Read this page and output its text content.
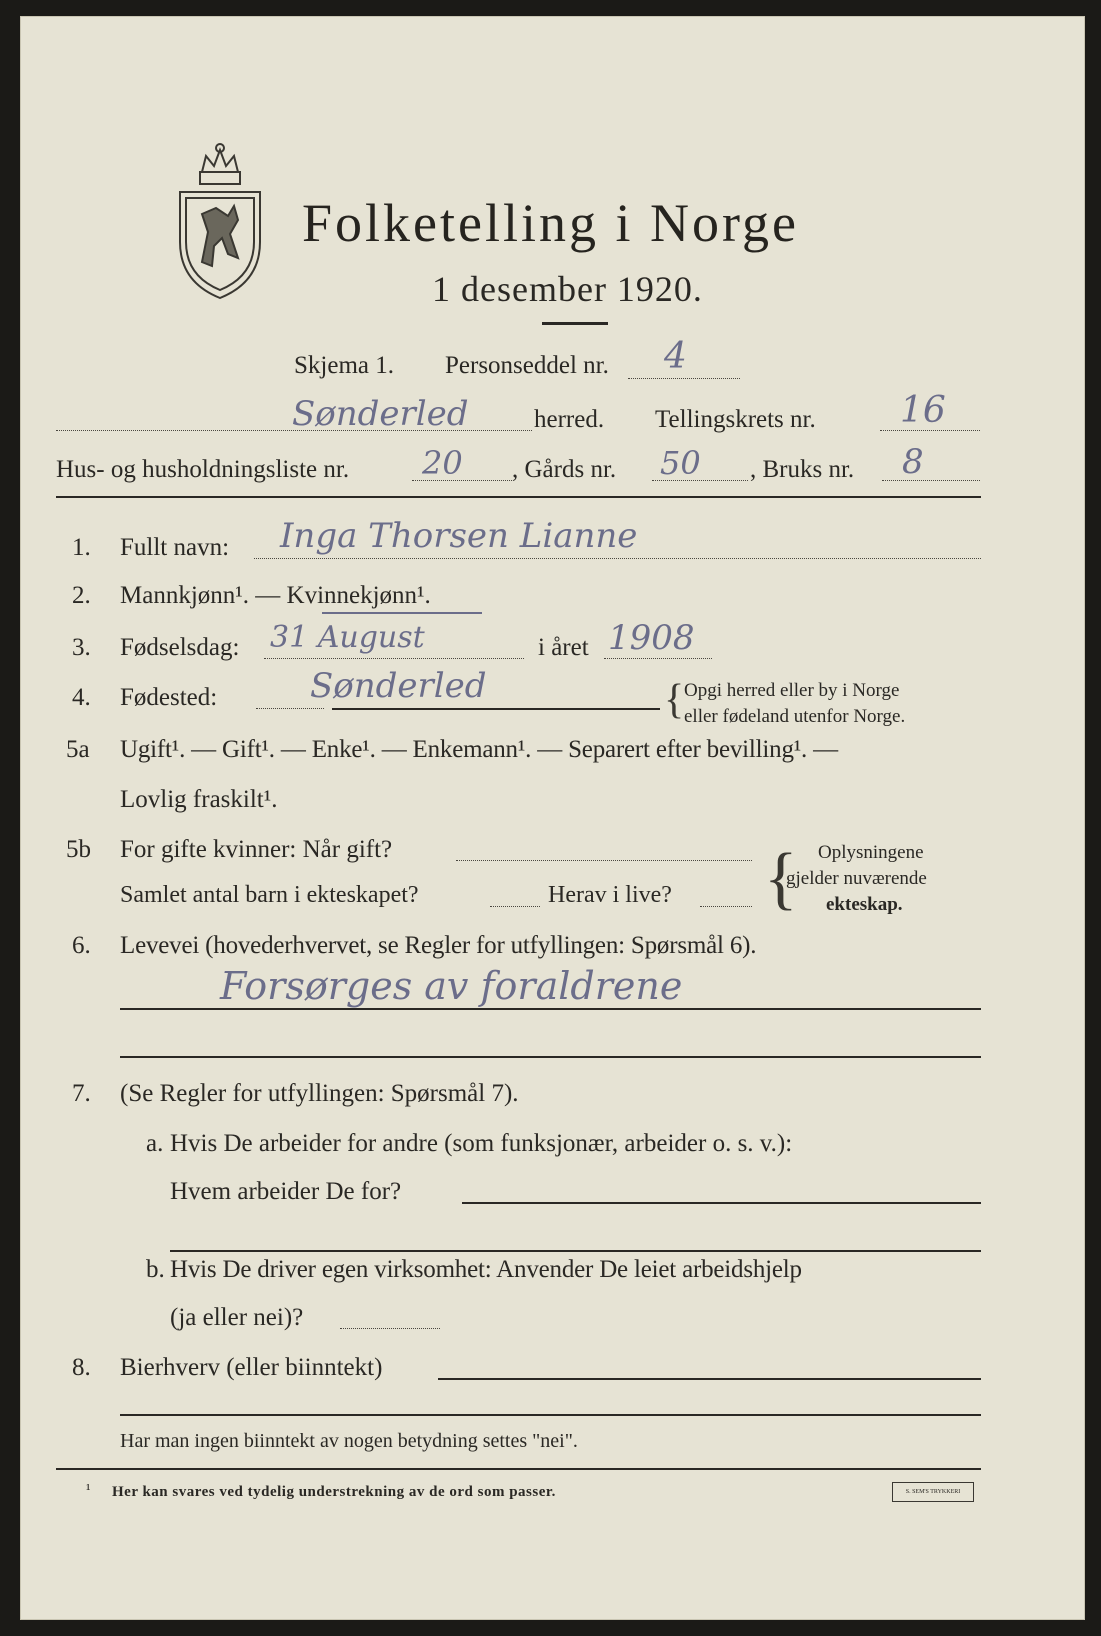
Folketelling i Norge
1 desember 1920.
Skjema 1. Personseddel nr. 4
Sønderled	herred. Tellingskrets nr. 16
Hus- og husholdningsliste nr. 20 , Gårds nr. 50 , Bruks nr. 8
1. Fullt navn: Inga Thorsen Lianne
2. Mannkjønn¹. — Kvinnekjønn¹.
3. Fødselsdag: 31 August	i året 1908
4. Fødested:	Sønderled	{ Opgi herred eller by i Norge
eller fødeland utenfor Norge.
5a Ugift¹. — Gift¹. — Enke¹. — Enkemann¹. — Separert efter bevilling¹. —
Lovlig fraskilt¹.
5b For gifte kvinner: Når gift?
Samlet antal barn i ekteskapet?	Herav i live? { Oplysningene
gjelder nuværende
ekteskap.
6. Levevei (hovederhvervet, se Regler for utfyllingen: Spørsmål 6).
Forsørges av foraldrene
7. (Se Regler for utfyllingen: Spørsmål 7).
a. Hvis De arbeider for andre (som funksjonær, arbeider o. s. v.):
Hvem arbeider De for?
b. Hvis De driver egen virksomhet: Anvender De leiet arbeidshjelp
(ja eller nei)?
8. Bierhverv (eller biinntekt)
Har man ingen biinntekt av nogen betydning settes "nei".
¹ Her kan svares ved tydelig understrekning av de ord som passer.	S. SEM'S TRYKKERI
